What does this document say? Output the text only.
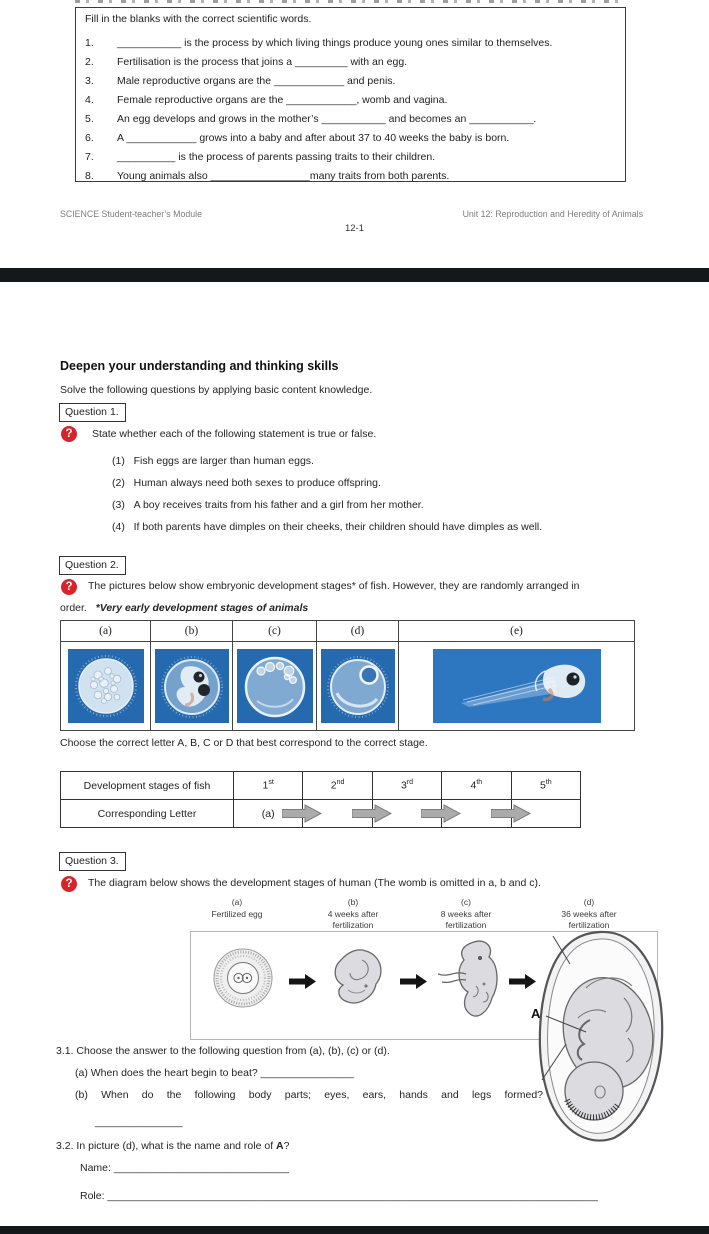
Fill in the blanks with the correct scientific words.
1. ___________ is the process by which living things produce young ones similar to themselves.
2. Fertilisation is the process that joins a _________ with an egg.
3. Male reproductive organs are the ____________ and penis.
4. Female reproductive organs are the ____________, womb and vagina.
5. An egg develops and grows in the mother’s ___________ and becomes an ___________.
6. A ____________ grows into a baby and after about 37 to 40 weeks the baby is born.
7. __________ is the process of parents passing traits to their children.
8. Young animals also _________________many traits from both parents.
SCIENCE Student-teacher’s Module	Unit 12: Reproduction and Heredity of Animals
12-1
Deepen your understanding and thinking skills
Solve the following questions by applying basic content knowledge.
Question 1.
?	State whether each of the following statement is true or false.
(1) Fish eggs are larger than human eggs.
(2) Human always need both sexes to produce offspring.
(3) A boy receives traits from his father and a girl from her mother.
(4) If both parents have dimples on their cheeks, their children should have dimples as well.
Question 2.
?	The pictures below show embryonic development stages* of fish. However, they are randomly arranged in
order. *Very early development stages of animals
(a)	(b)	(c)	(d)	(e)
Choose the correct letter A, B, C or D that best correspond to the correct stage.
Development stages of fish	1st	2nd	3rd	4th	5th
Corresponding Letter	(a)				
Question 3.
?	The diagram below shows the development stages of human (The womb is omitted in a, b and c).
(a)
Fertilized egg
(b)
4 weeks after
fertilization
(c)
8 weeks after
fertilization
(d)
36 weeks after
fertilization
A
3.1. Choose the answer to the following question from (a), (b), (c) or (d).
(a) When does the heart begin to beat? ________________
(b) When do the following body parts; eyes, ears, hands and legs formed?
_______________
3.2. In picture (d), what is the name and role of A?
Name: ______________________________
Role: ____________________________________________________________________________________
